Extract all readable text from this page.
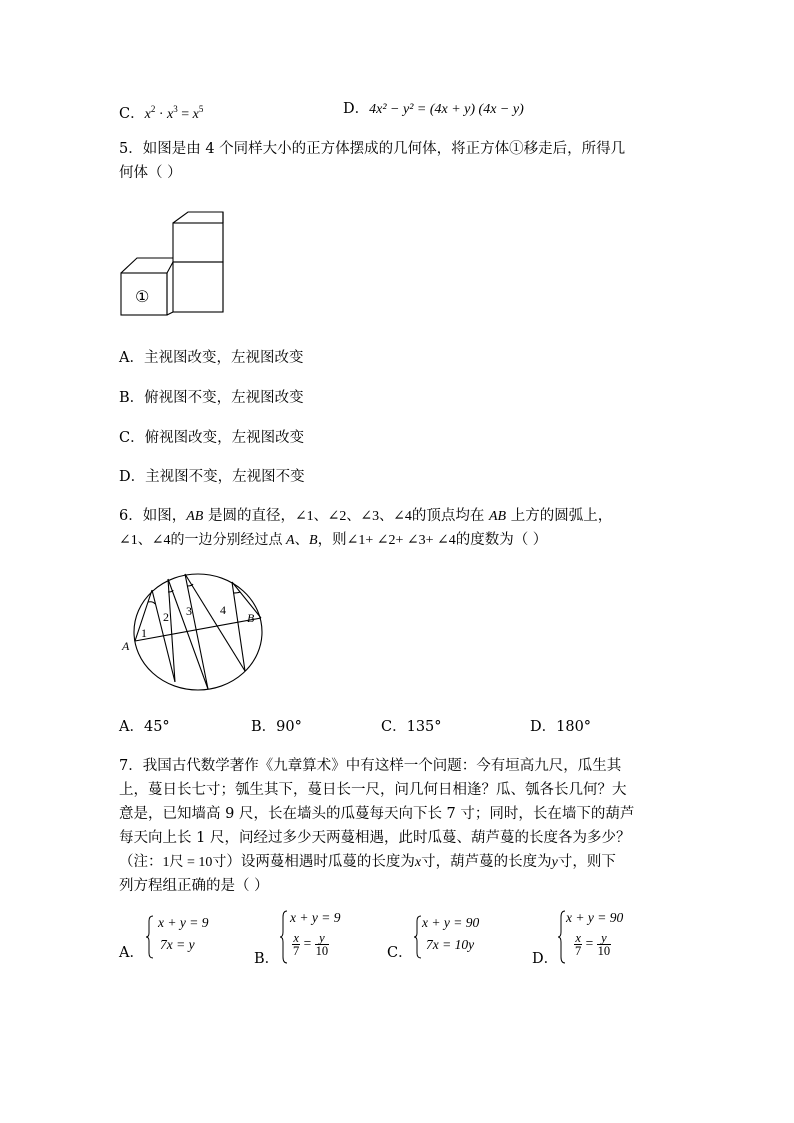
C．$x^2 \cdot x^3 = x^5$	D．4x² − y² = (4x + y) (4x − y)
5．如图是由 4 个同样大小的正方体摆成的几何体，将正方体①移走后，所得几
何体（ ）
①
A．主视图改变，左视图改变
B．俯视图不变，左视图改变
C．俯视图改变，左视图改变
D．主视图不变，左视图不变
6．如图，AB 是圆的直径，∠1、∠2、∠3、∠4的顶点均在 AB 上方的圆弧上，
∠1、∠4的一边分别经过点 A、B，则∠1+ ∠2+ ∠3+ ∠4的度数为（ ）
A
B
1
2 3 4
A．45°	B．90°	C．135°	D．180°
7．我国古代数学著作《九章算术》中有这样一个问题：今有垣高九尺，瓜生其
上，蔓日长七寸；瓠生其下，蔓日长一尺，问几何日相逢？瓜、瓠各长几何？大
意是，已知墙高 9 尺，长在墙头的瓜蔓每天向下长 7 寸；同时，长在墙下的葫芦
每天向上长 1 尺，问经过多少天两蔓相遇，此时瓜蔓、葫芦蔓的长度各为多少？
（注：1尺 = 10寸）设两蔓相遇时瓜蔓的长度为x寸，葫芦蔓的长度为y寸，则下
列方程组正确的是（ ）
A．
x + y = 9
7x = y
B．
x + y = 9
$\frac{x}{7} = \frac{y}{10}$	C．
x + y = 90
7x = 10y
D．
x + y = 90
$\frac{x}{7} = \frac{y}{10}$
